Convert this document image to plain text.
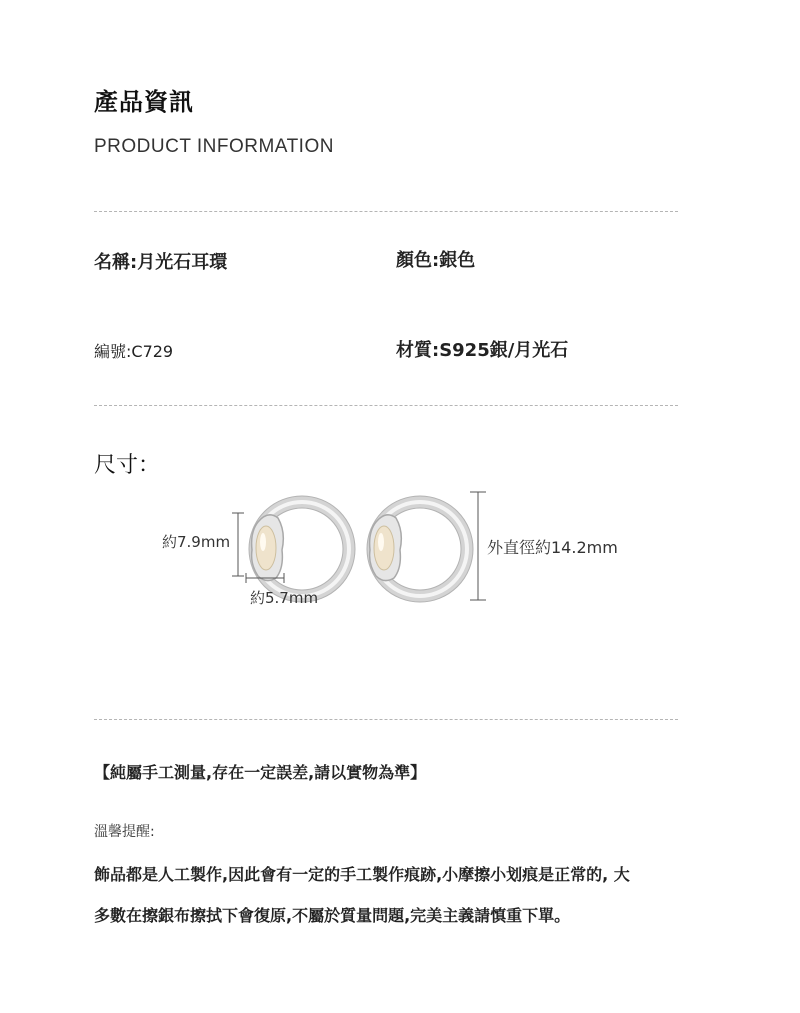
產品資訊
PRODUCT INFORMATION
名稱:月光石耳環	顏色:銀色
編號:C729	材質:S925銀/月光石
尺寸：
約7.9mm
約5.7mm
外直徑約14.2mm
【純屬手工測量,存在一定誤差,請以實物為準】
溫馨提醒:
飾品都是人工製作,因此會有一定的手工製作痕跡,小摩擦小划痕是正常的, 大
多數在擦銀布擦拭下會復原,不屬於質量問題,完美主義請慎重下單。
